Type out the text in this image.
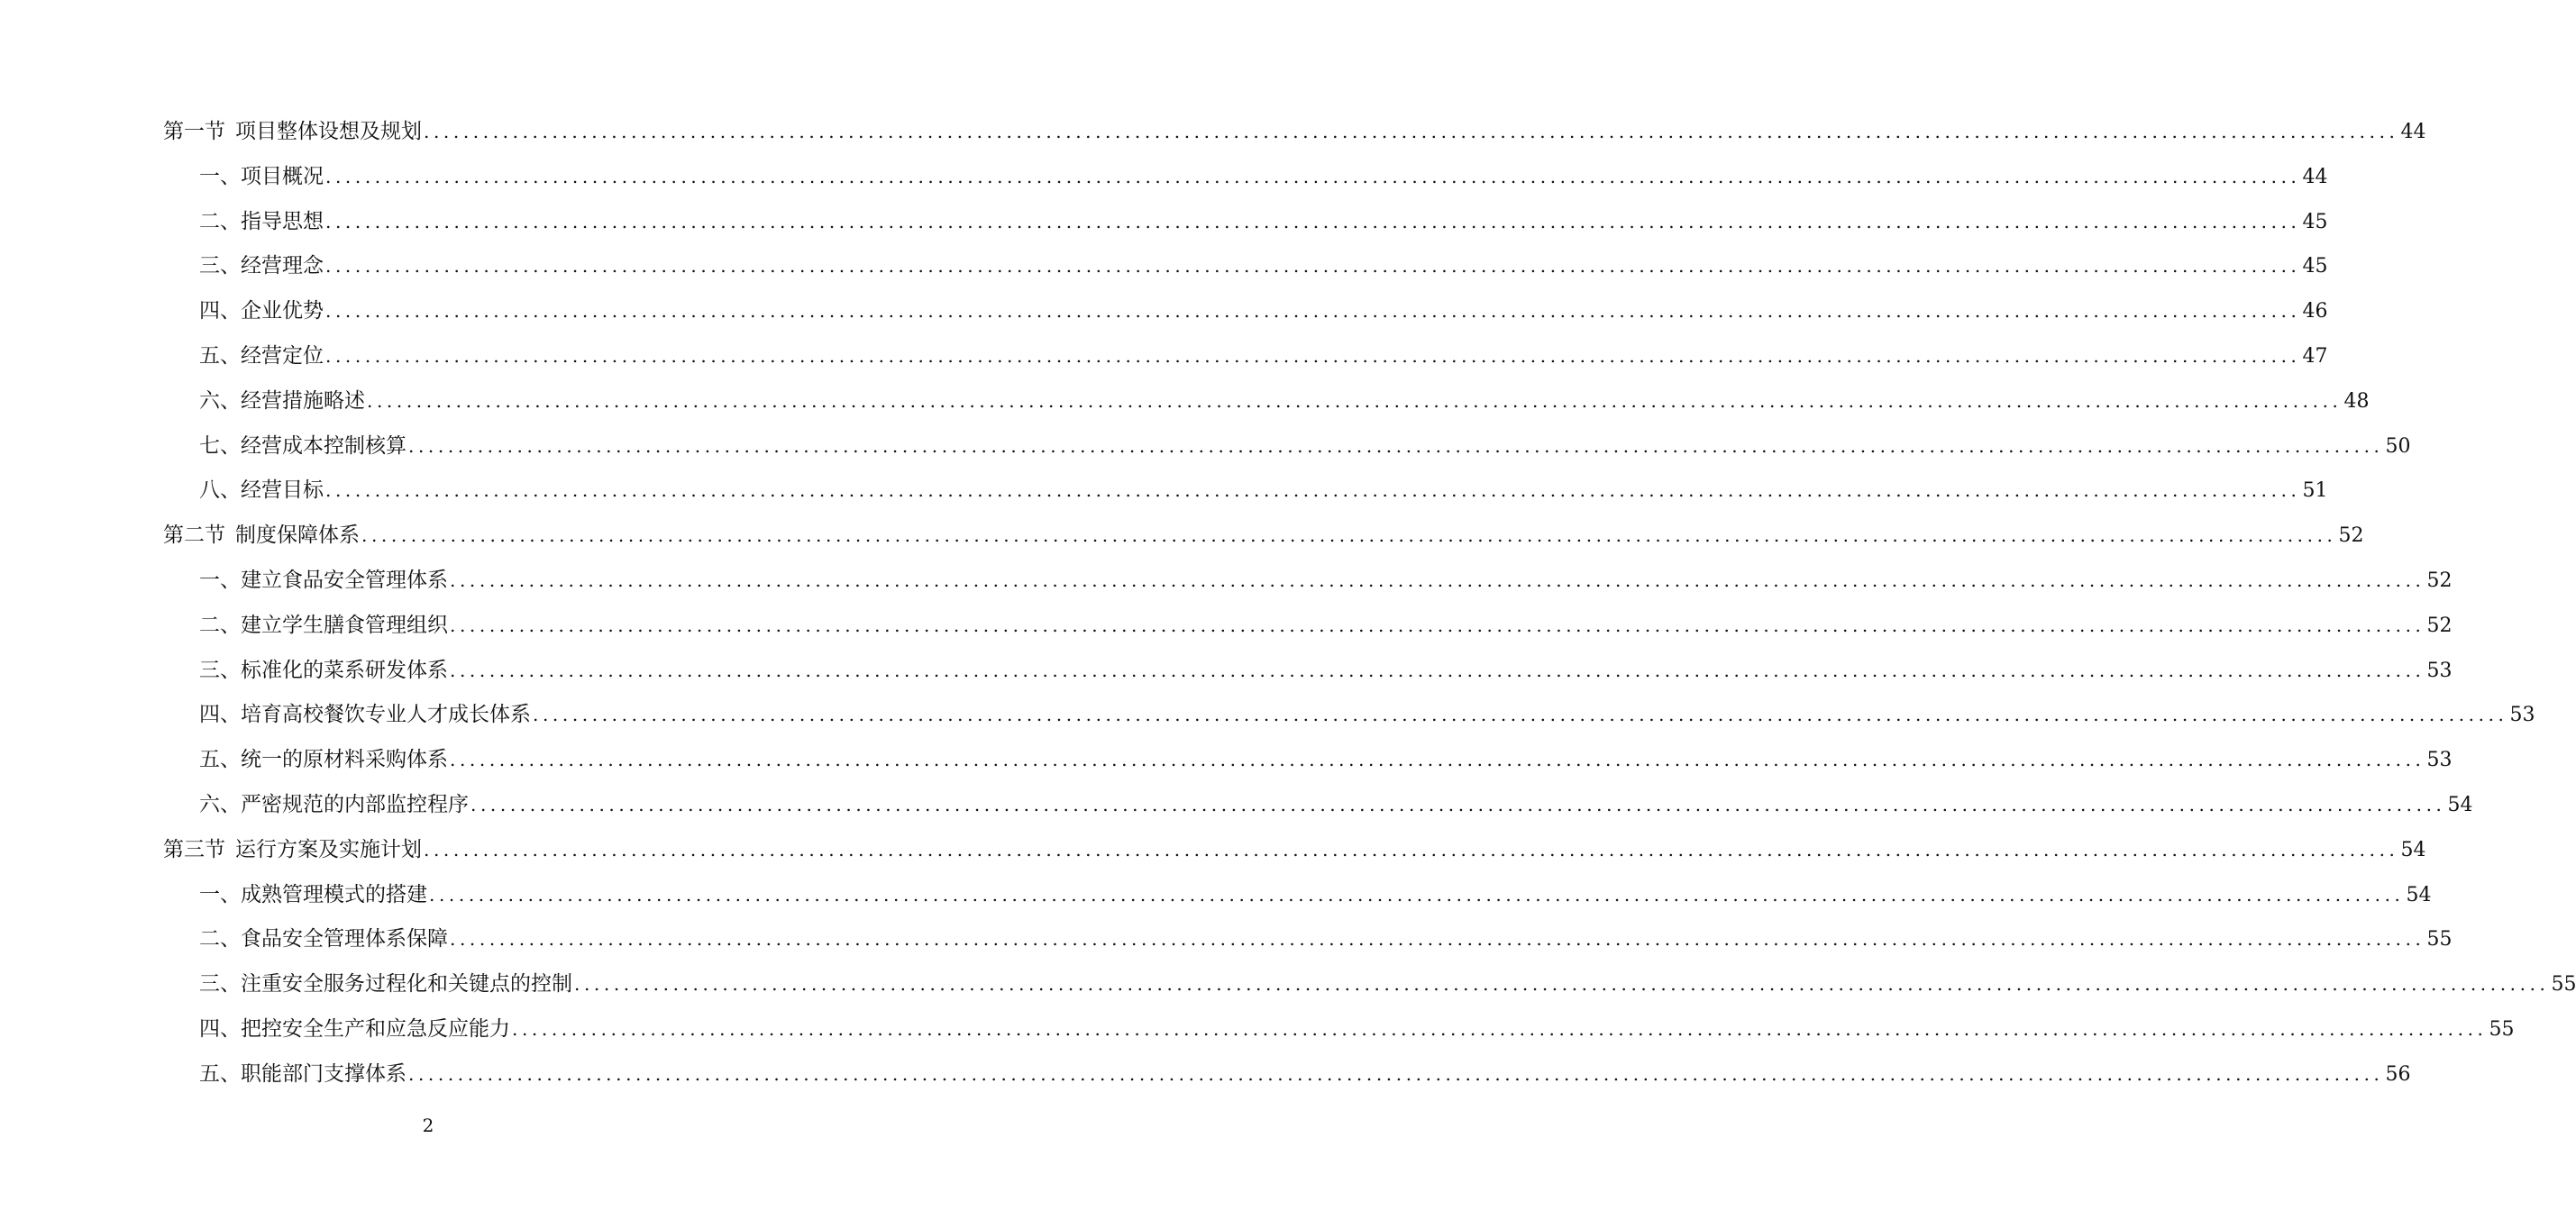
第一节 项目整体设想及规划 ........................................................................................................................................................................................................ 44
一、项目概况 ........................................................................................................................................................................................................ 44
二、指导思想 ........................................................................................................................................................................................................ 45
三、经营理念 ........................................................................................................................................................................................................ 45
四、企业优势 ........................................................................................................................................................................................................ 46
五、经营定位 ........................................................................................................................................................................................................ 47
六、经营措施略述 ........................................................................................................................................................................................................ 48
七、经营成本控制核算 ........................................................................................................................................................................................................ 50
八、经营目标 ........................................................................................................................................................................................................ 51
第二节 制度保障体系 ........................................................................................................................................................................................................ 52
一、建立食品安全管理体系 ........................................................................................................................................................................................................ 52
二、建立学生膳食管理组织 ........................................................................................................................................................................................................ 52
三、标准化的菜系研发体系 ........................................................................................................................................................................................................ 53
四、培育高校餐饮专业人才成长体系 ........................................................................................................................................................................................................ 53
五、统一的原材料采购体系 ........................................................................................................................................................................................................ 53
六、严密规范的内部监控程序 ........................................................................................................................................................................................................ 54
第三节 运行方案及实施计划 ........................................................................................................................................................................................................ 54
一、成熟管理模式的搭建 ........................................................................................................................................................................................................ 54
二、食品安全管理体系保障 ........................................................................................................................................................................................................ 55
三、注重安全服务过程化和关键点的控制 ........................................................................................................................................................................................................ 55
四、把控安全生产和应急反应能力 ........................................................................................................................................................................................................ 55
五、职能部门支撑体系 ........................................................................................................................................................................................................ 56
2
